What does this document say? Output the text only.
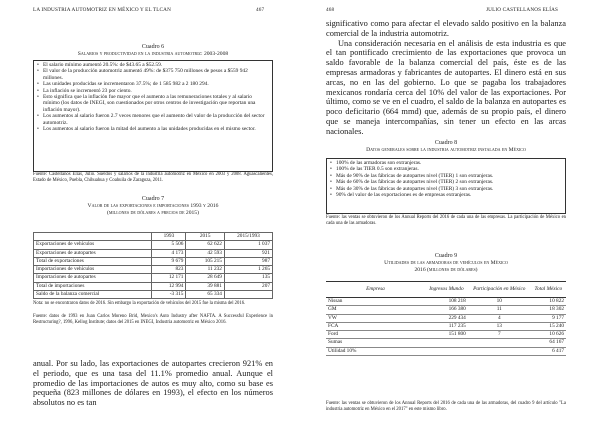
LA INDUSTRIA AUTOMOTRIZ EN MÉXICO Y EL TLCAN	467
Cuadro 6
Salarios y productividad en la industria automotriz: 2003-2008
• El salario mínimo aumentó 20.5%: de $43.65 a $52.59.
• El valor de la producción automotriz aumentó 49%: de $375 750 millones de pesos a $559 942 millones.
• Las unidades producidas se incrementaron 37.5%; de 1 585 982 a 2 180 294.
• La inflación se incrementó 23 por ciento.
• Esto significa que la inflación fue mayor que el aumento a las remuneraciones totales y al salario mínimo (los datos de INEGI, son cuestionados por otros centros de investigación que reportan una inflación mayor).
• Los aumentos al salario fueron 2.7 veces menores que el aumento del valor de la producción del sector automotriz.
• Los aumentos al salario fueron la mitad del aumento a las unidades producidas en el mismo sector.
Fuente: Castellanos Elías, Julio. Sueldos y salarios de la industria automotriz en México en 2003 y 2008. Aguascalientes, Estado de México, Puebla, Chihuahua y Coahuila de Zaragoza, 2011.
Cuadro 7
Valor de las exportaciones e importaciones 1993 y 2016
(millones de dólares a precios de 2015)
	1993	2015	2015/1993
Exportaciones de vehículos	5 506	62 622	1 037
Exportaciones de autopartes	4 173	42 593	921
Total de exportaciones	9 679	105 215	987
Importaciones de vehículos	823	11 232	1 265
Importaciones de autopartes	12 171	28 649	135
Total de importaciones	12 994	39 881	207
Saldo de la balanza comercial	-3 315	65 334	
Nota: no se encontraron datos de 2016. Sin embargo la exportación de vehículos del 2015 fue la misma del 2016.
Fuente: datos de 1993 en Juan Carlos Moreno Brid, Mexico's Auto Industry after NAFTA. A Successful Experience in Restructuring?, 1996, Kellog Institute; datos del 2015 en INEGI, Industria automotriz en México 2016.

anual. Por su lado, las exportaciones de autopartes crecieron 921% en el periodo, que es una tasa del 11.1% promedio anual. Aunque el promedio de las importaciones de autos es muy alto, como su base es pequeña (823 millones de dólares en 1993), el efecto en los números absolutos no es tan

468	JULIO CASTELLANOS ELÍAS

significativo como para afectar el elevado saldo positivo en la balanza comercial de la industria automotriz.

Una consideración necesaria en el análisis de esta industria es que el tan pontificado crecimiento de las exportaciones que provoca un saldo favorable de la balanza comercial del país, éste es de las empresas armadoras y fabricantes de autopartes. El dinero está en sus arcas, no en las del gobierno. Lo que se pagaba los trabajadores mexicanos rondaría cerca del 10% del valor de las exportaciones. Por último, como se ve en el cuadro, el saldo de la balanza en autopartes es poco deficitario (664 mmd) que, además de su propio país, el dinero que se maneja intercompañías, sin tener un efecto en las arcas nacionales.

Cuadro 8
Datos generales sobre la industria automotriz instalada en México
• 100% de las armadoras son extranjeras.
• 100% de las TIER 0.5 son extranjeras.
• Más de 90% de las fábricas de autopartes nivel (TIER) 1 son extranjeras.
• Más de 60% de las fábricas de autopartes nivel (TIER) 2 son extranjeras.
• Más de 30% de las fábricas de autopartes nivel (TIER) 3 son extranjeras.
• 90% del valor de las exportaciones es de empresas extranjeras.
Fuente: las ventas se obtuvieron de los Annual Reports del 2016 de cada una de las empresas. La participación de México en cada una de las armadoras.
Cuadro 9
Utilidades de las armadoras de vehículos en México
2016 (millones de dólares)
Empresa	Ingresos Mundo	Participación en México	Total México
Nissan	108 218	10	10 822
GM	166 380	11	18 302
VW	229 434	4	9 177
FCA	117 235	13	15 240
Ford	151 800	7	10 626
Sumas			64 167
Utilidad 10%			6 417
Fuente: las ventas se obtuvieron de los Annual Reports del 2016 de cada una de las armadoras, del cuadro 9 del artículo "La industria automotriz en México en el 2017" en este mismo libro.
